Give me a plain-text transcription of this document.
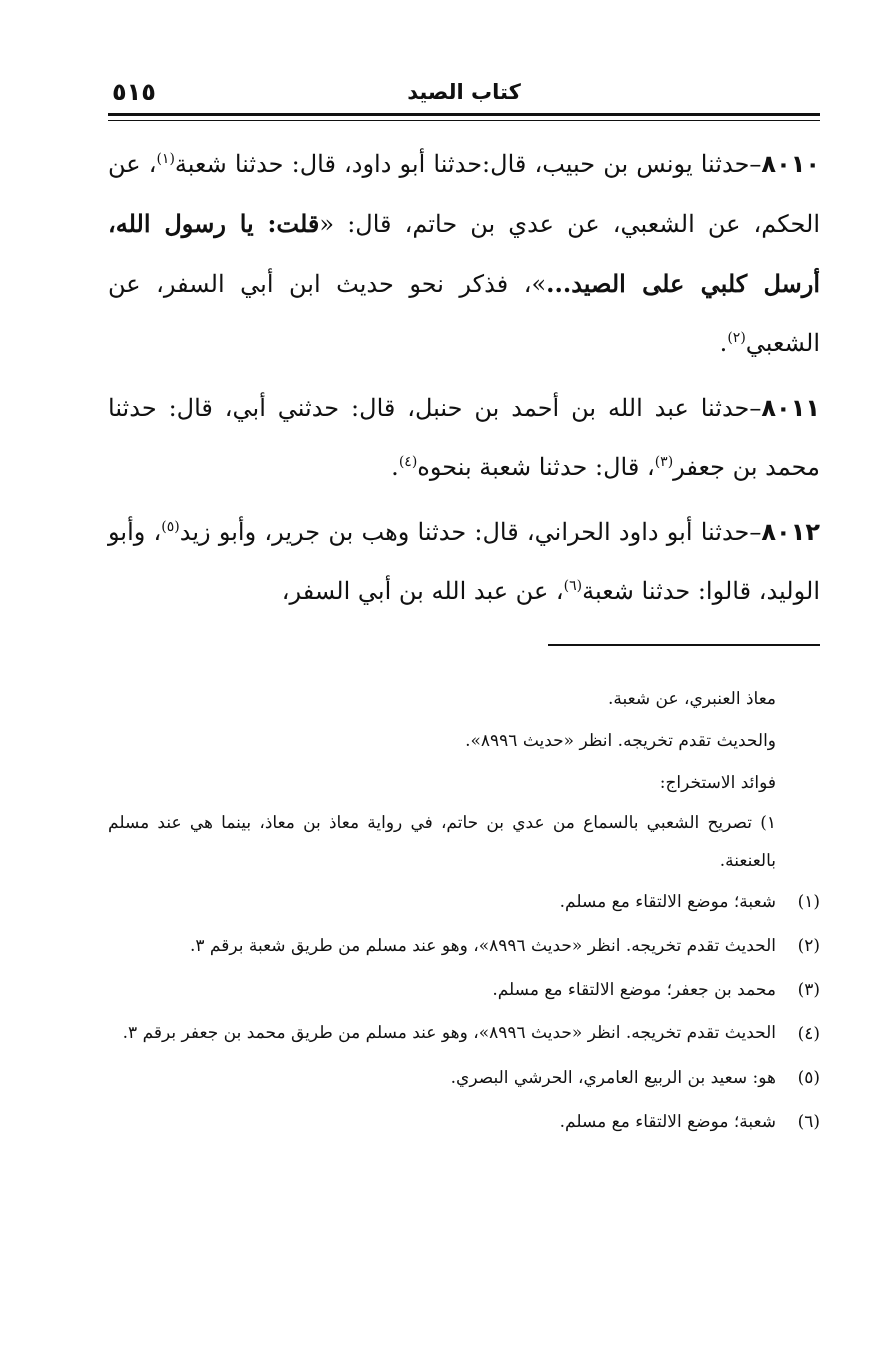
كتاب الصيد
٥١٥

٨٠١٠–حدثنا يونس بن حبيب، قال:حدثنا أبو داود، قال: حدثنا شعبة$^{(١)}$، عن الحكم، عن الشعبي، عن عدي بن حاتم، قال: «قلت: يا رسول الله، أرسل كلبي على الصيد...»، فذكر نحو حديث ابن أبي السفر، عن الشعبي$^{(٢)}$.

٨٠١١–حدثنا عبد الله بن أحمد بن حنبل، قال: حدثني أبي، قال: حدثنا محمد بن جعفر$^{(٣)}$، قال: حدثنا شعبة بنحوه$^{(٤)}$.

٨٠١٢–حدثنا أبو داود الحراني، قال: حدثنا وهب بن جرير، وأبو زيد$^{(٥)}$، وأبو الوليد، قالوا: حدثنا شعبة$^{(٦)}$، عن عبد الله بن أبي السفر،

معاذ العنبري، عن شعبة.

والحديث تقدم تخريجه. انظر «حديث ٨٩٩٦».

فوائد الاستخراج:

١) تصريح الشعبي بالسماع من عدي بن حاتم، في رواية معاذ بن معاذ، بينما هي عند مسلم بالعنعنة.

(١)
شعبة؛ موضع الالتقاء مع مسلم.
(٢)
الحديث تقدم تخريجه. انظر «حديث ٨٩٩٦»، وهو عند مسلم من طريق شعبة برقم ٣.
(٣)
محمد بن جعفر؛ موضع الالتقاء مع مسلم.
(٤)
الحديث تقدم تخريجه. انظر «حديث ٨٩٩٦»، وهو عند مسلم من طريق محمد بن جعفر برقم ٣.
(٥)
هو: سعيد بن الربيع العامري، الحرشي البصري.
(٦)
شعبة؛ موضع الالتقاء مع مسلم.
